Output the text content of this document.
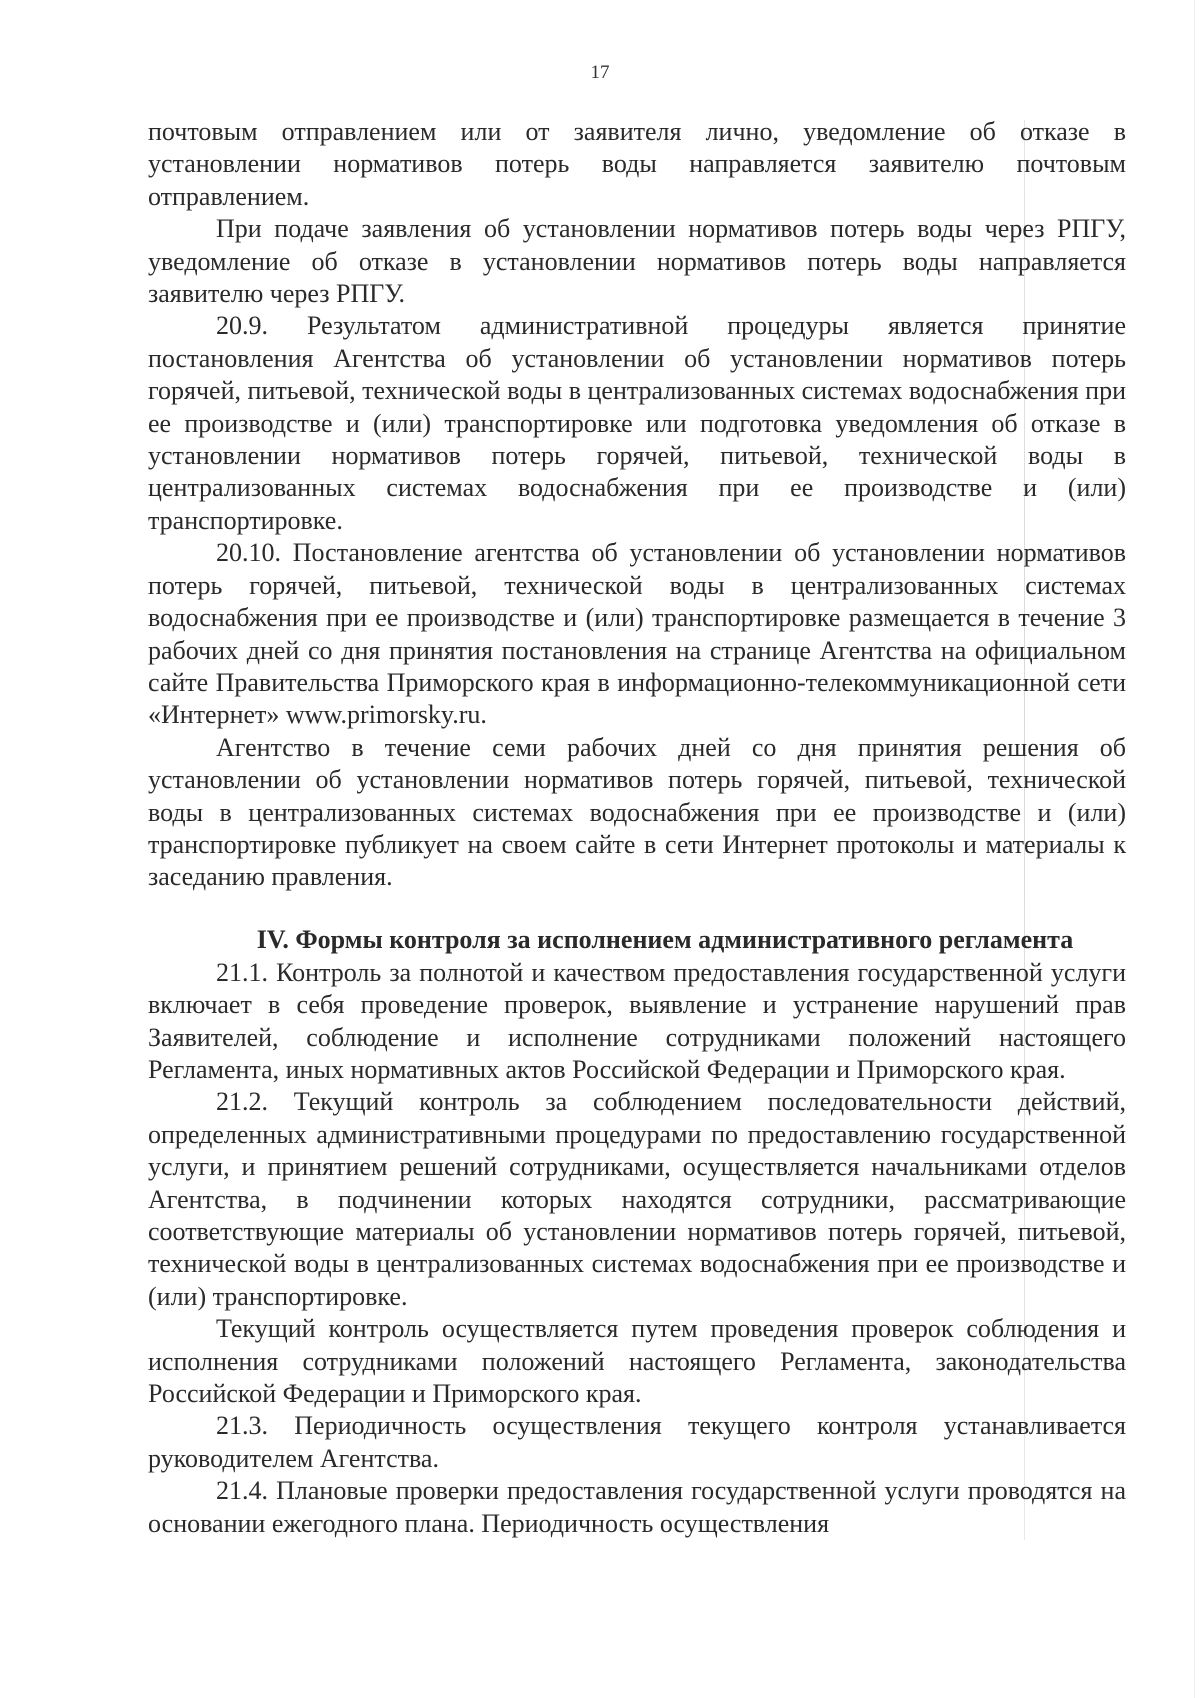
17

почтовым отправлением или от заявителя лично, уведомление об отказе в установлении нормативов потерь воды направляется заявителю почтовым отправлением.

При подаче заявления об установлении нормативов потерь воды через РПГУ, уведомление об отказе в установлении нормативов потерь воды направляется заявителю через РПГУ.

20.9. Результатом административной процедуры является принятие постановления Агентства об установлении об установлении нормативов потерь горячей, питьевой, технической воды в централизованных системах водоснабжения при ее производстве и (или) транспортировке или подготовка уведомления об отказе в установлении нормативов потерь горячей, питьевой, технической воды в централизованных системах водоснабжения при ее производстве и (или) транспортировке.

20.10. Постановление агентства об установлении об установлении нормативов потерь горячей, питьевой, технической воды в централизованных системах водоснабжения при ее производстве и (или) транспортировке размещается в течение 3 рабочих дней со дня принятия постановления на странице Агентства на официальном сайте Правительства Приморского края в информационно-телекоммуникационной сети «Интернет» www.primorsky.ru.

Агентство в течение семи рабочих дней со дня принятия решения об установлении об установлении нормативов потерь горячей, питьевой, технической воды в централизованных системах водоснабжения при ее производстве и (или) транспортировке публикует на своем сайте в сети Интернет протоколы и материалы к заседанию правления.

IV. Формы контроля за исполнением административного регламента

21.1. Контроль за полнотой и качеством предоставления государственной услуги включает в себя проведение проверок, выявление и устранение нарушений прав Заявителей, соблюдение и исполнение сотрудниками положений настоящего Регламента, иных нормативных актов Российской Федерации и Приморского края.

21.2. Текущий контроль за соблюдением последовательности действий, определенных административными процедурами по предоставлению государственной услуги, и принятием решений сотрудниками, осуществляется начальниками отделов Агентства, в подчинении которых находятся сотрудники, рассматривающие соответствующие материалы об установлении нормативов потерь горячей, питьевой, технической воды в централизованных системах водоснабжения при ее производстве и (или) транспортировке.

Текущий контроль осуществляется путем проведения проверок соблюдения и исполнения сотрудниками положений настоящего Регламента, законодательства Российской Федерации и Приморского края.

21.3. Периодичность осуществления текущего контроля устанавливается руководителем Агентства.

21.4. Плановые проверки предоставления государственной услуги проводятся на основании ежегодного плана. Периодичность осуществления
